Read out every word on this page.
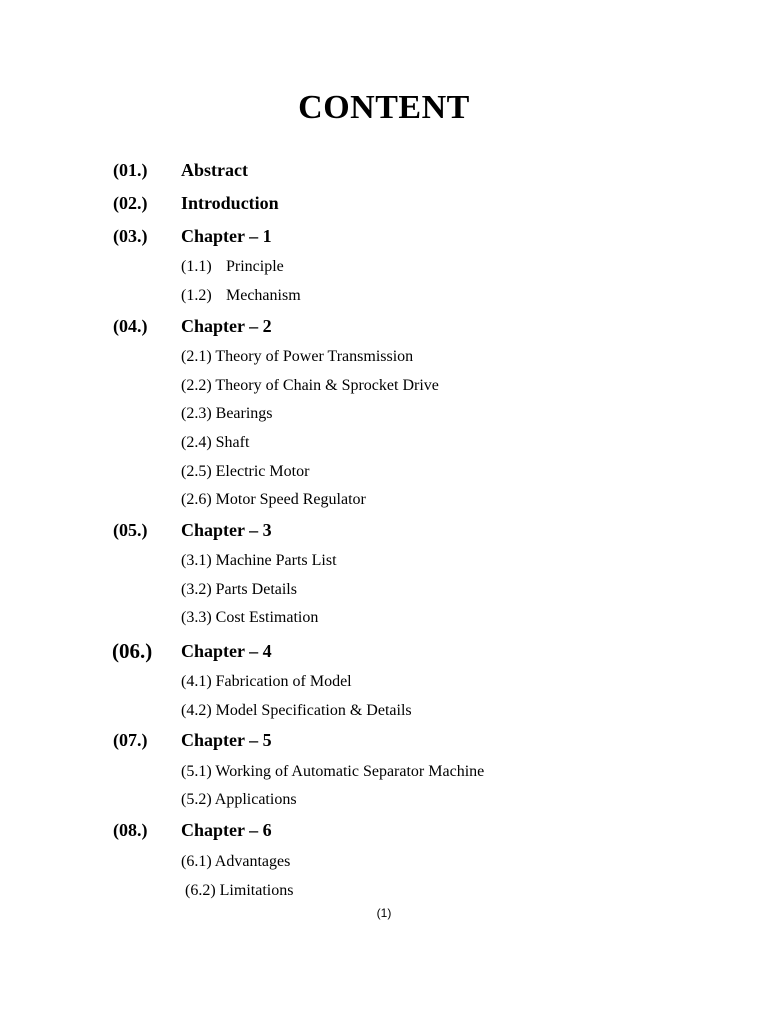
CONTENT
(01.) Abstract
(02.) Introduction
(03.) Chapter – 1
(1.1) Principle
(1.2) Mechanism
(04.) Chapter – 2
(2.1) Theory of Power Transmission
(2.2) Theory of Chain & Sprocket Drive
(2.3) Bearings
(2.4) Shaft
(2.5) Electric Motor
(2.6) Motor Speed Regulator
(05.) Chapter – 3
(3.1) Machine Parts List
(3.2) Parts Details
(3.3) Cost Estimation
(06.) Chapter – 4
(4.1) Fabrication of Model
(4.2) Model Specification & Details
(07.) Chapter – 5
(5.1) Working of Automatic Separator Machine
(5.2) Applications
(08.) Chapter – 6
(6.1) Advantages
(6.2) Limitations
(1)
